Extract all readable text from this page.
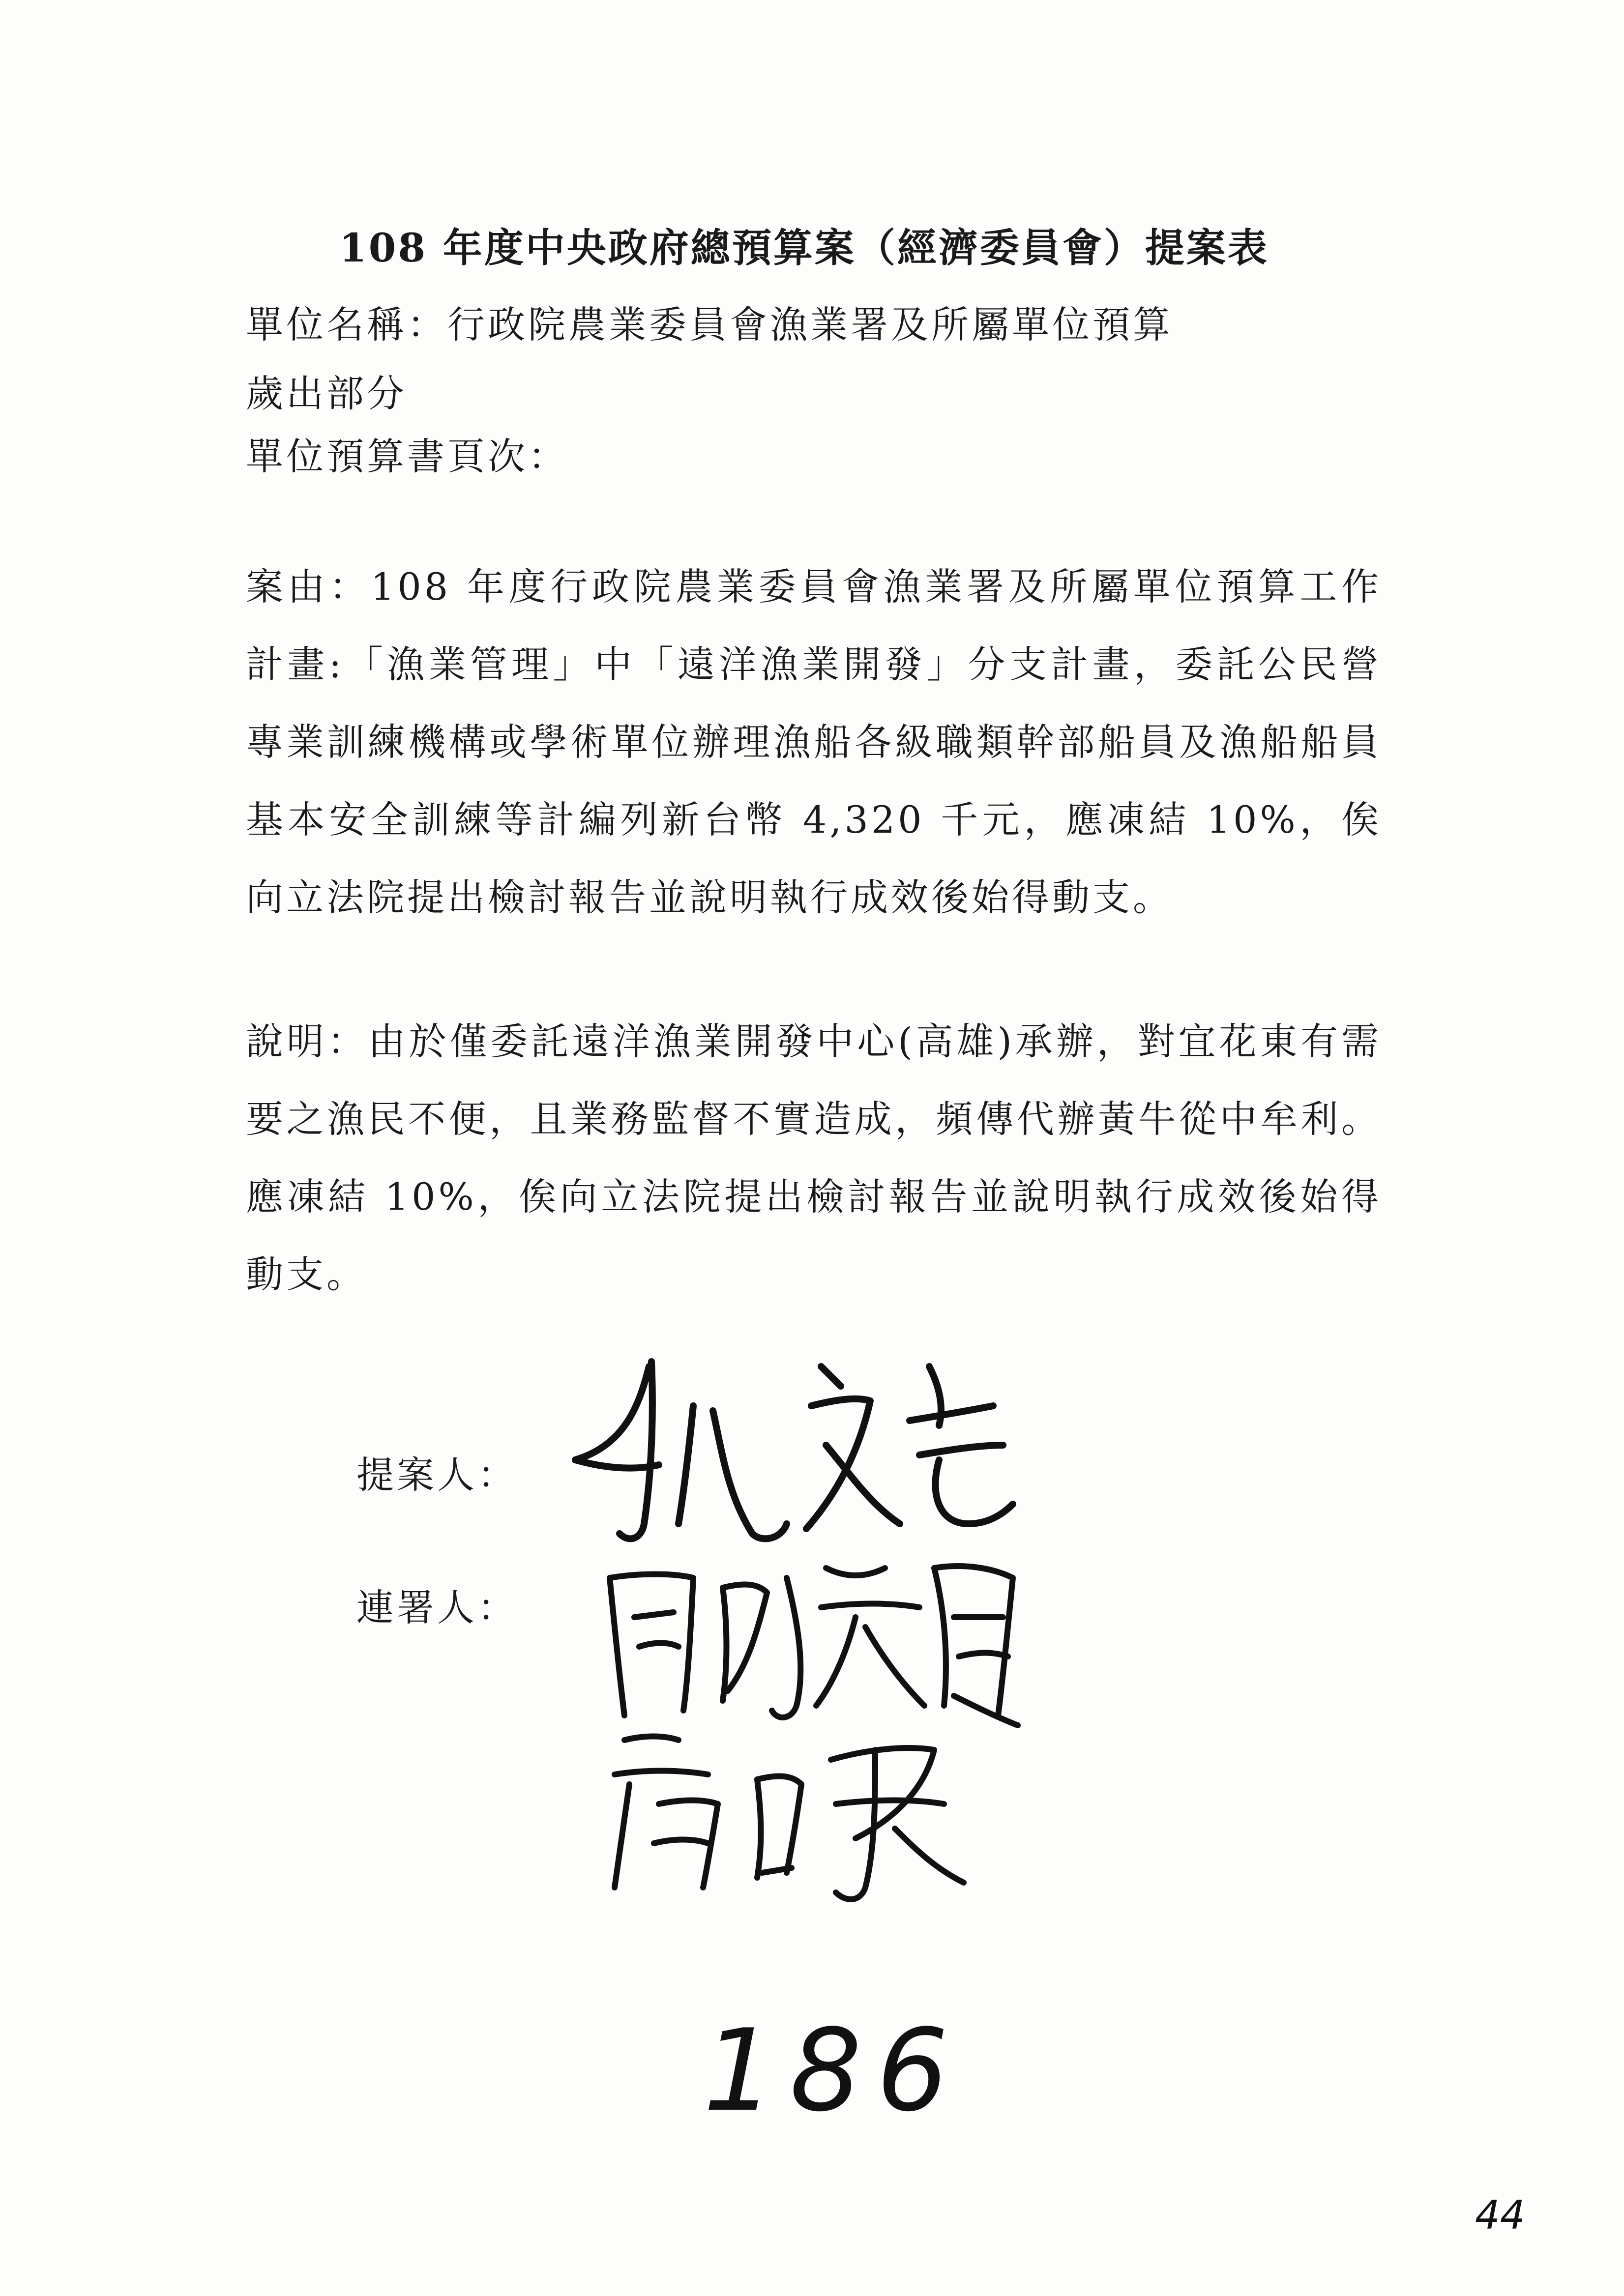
108 年度中央政府總預算案（經濟委員會）提案表
單位名稱：行政院農業委員會漁業署及所屬單位預算
歲出部分
單位預算書頁次：
案由：108 年度行政院農業委員會漁業署及所屬單位預算工作計畫:「漁業管理」中「遠洋漁業開發」分支計畫，委託公民營專業訓練機構或學術單位辦理漁船各級職類幹部船員及漁船船員基本安全訓練等計編列新台幣 4,320 千元，應凍結 10%，俟向立法院提出檢討報告並說明執行成效後始得動支。
說明：由於僅委託遠洋漁業開發中心(高雄)承辦，對宜花東有需要之漁民不便，且業務監督不實造成，頻傳代辦黃牛從中牟利。應凍結 10%，俟向立法院提出檢討報告並說明執行成效後始得動支。
提案人：
連署人：
186
44
